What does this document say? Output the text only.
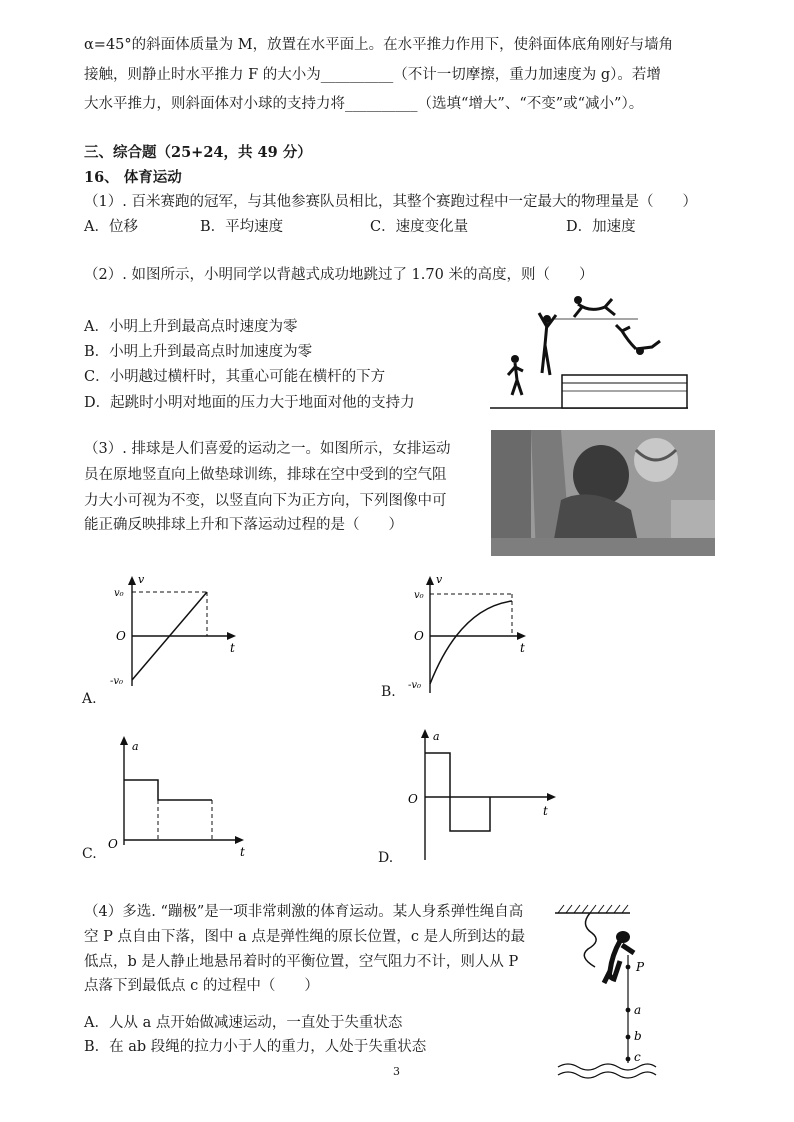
α=45°的斜面体质量为 M，放置在水平面上。在水平推力作用下，使斜面体底角刚好与墙角
接触，则静止时水平推力 F 的大小为__________（不计一切摩擦，重力加速度为 g）。若增
大水平推力，则斜面体对小球的支持力将__________（选填“增大”、“不变”或“减小”）。
三、综合题（25+24，共 49 分）
16、 体育运动
（1）. 百米赛跑的冠军，与其他参赛队员相比，其整个赛跑过程中一定最大的物理量是（　　）
A．位移	B．平均速度	C．速度变化量	D．加速度
（2）. 如图所示，小明同学以背越式成功地跳过了 1.70 米的高度，则（　　）
A．小明上升到最高点时速度为零
B．小明上升到最高点时加速度为零
C．小明越过横杆时，其重心可能在横杆的下方
D．起跳时小明对地面的压力大于地面对他的支持力
（3）. 排球是人们喜爱的运动之一。如图所示，女排运动
员在原地竖直向上做垫球训练，排球在空中受到的空气阻
力大小可视为不变，以竖直向下为正方向，下列图像中可
能正确反映排球上升和下落运动过程的是（　　）
v
v₀
O
-v₀
t
A.
v
v₀
O
-v₀
t
B.
a
O
t
C.
a
O
t
D.
（4）多选. “蹦极”是一项非常刺激的体育运动。某人身系弹性绳自高
空 P 点自由下落，图中 a 点是弹性绳的原长位置，c 是人所到达的最
低点，b 是人静止地悬吊着时的平衡位置，空气阻力不计，则人从 P
点落下到最低点 c 的过程中（　　）
A．人从 a 点开始做减速运动，一直处于失重状态
B．在 ab 段绳的拉力小于人的重力，人处于失重状态
P
a
b
c
3
